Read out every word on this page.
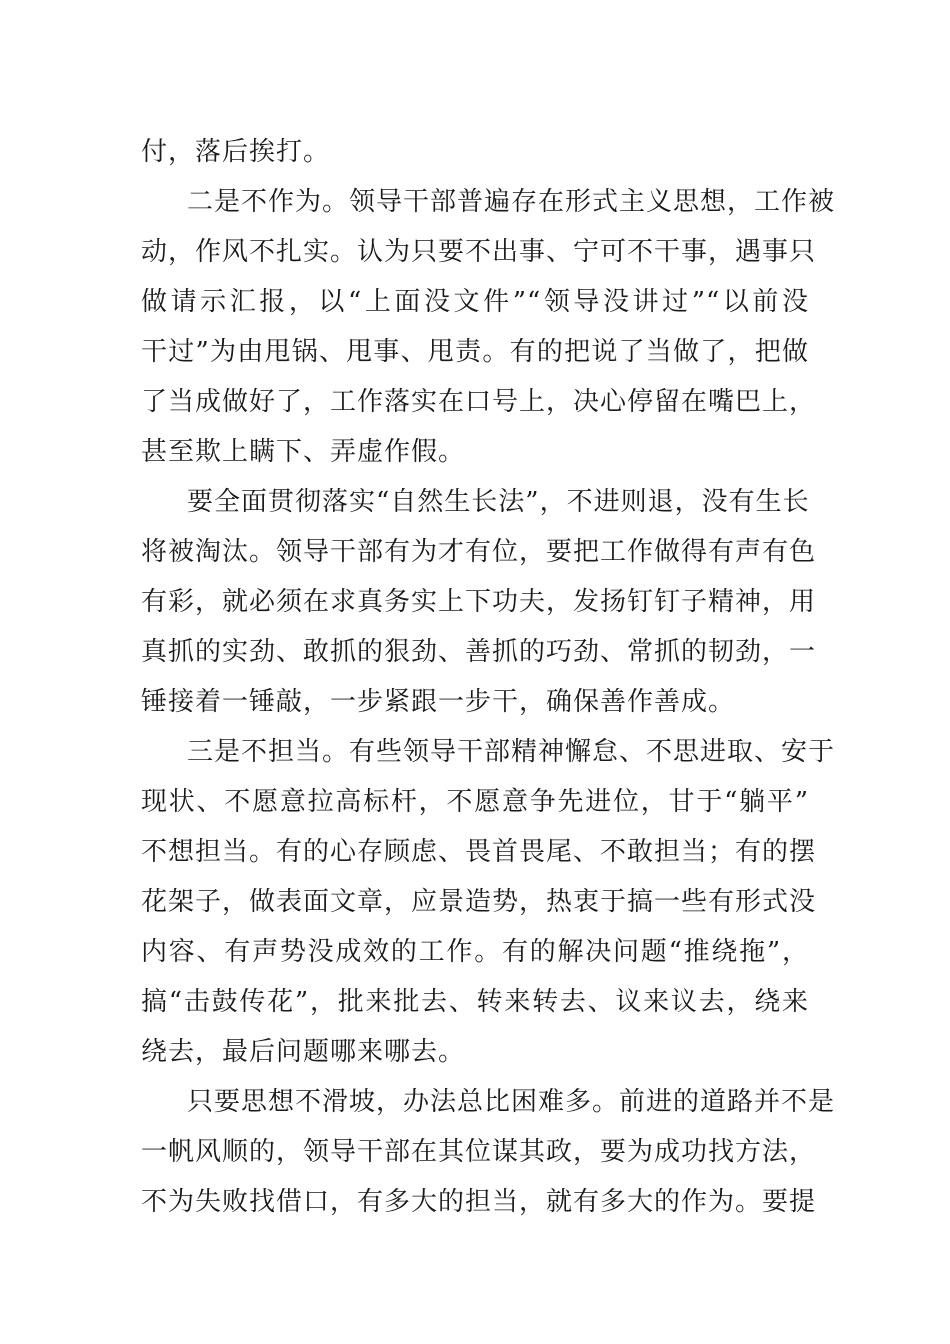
付，落后挨打。
二是不作为。领导干部普遍存在形式主义思想，工作被
动，作风不扎实。认为只要不出事、宁可不干事，遇事只
做请示汇报，以“上面没文件”“领导没讲过”“以前没
干过”为由甩锅、甩事、甩责。有的把说了当做了，把做
了当成做好了，工作落实在口号上，决心停留在嘴巴上，
甚至欺上瞒下、弄虚作假。
要全面贯彻落实“自然生长法”，不进则退，没有生长
将被淘汰。领导干部有为才有位，要把工作做得有声有色
有彩，就必须在求真务实上下功夫，发扬钉钉子精神，用
真抓的实劲、敢抓的狠劲、善抓的巧劲、常抓的韧劲，一
锤接着一锤敲，一步紧跟一步干，确保善作善成。
三是不担当。有些领导干部精神懈怠、不思进取、安于
现状、不愿意拉高标杆，不愿意争先进位，甘于“躺平”
不想担当。有的心存顾虑、畏首畏尾、不敢担当；有的摆
花架子，做表面文章，应景造势，热衷于搞一些有形式没
内容、有声势没成效的工作。有的解决问题“推绕拖”，
搞“击鼓传花”，批来批去、转来转去、议来议去，绕来
绕去，最后问题哪来哪去。
只要思想不滑坡，办法总比困难多。前进的道路并不是
一帆风顺的，领导干部在其位谋其政，要为成功找方法，
不为失败找借口，有多大的担当，就有多大的作为。要提
